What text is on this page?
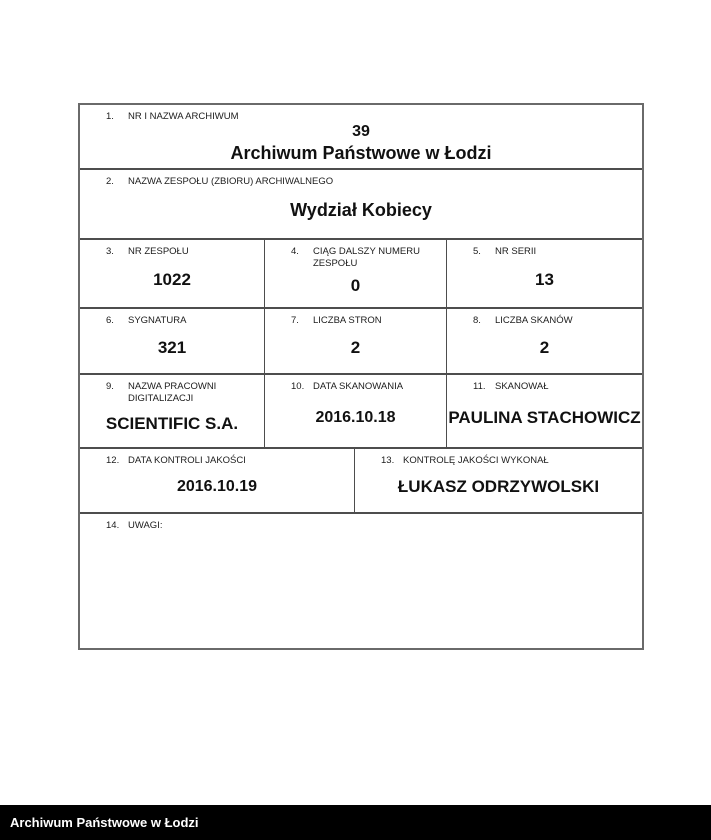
1.	NR I NAZWA ARCHIWUM
39
Archiwum Państwowe w Łodzi
2.	NAZWA ZESPOŁU (ZBIORU) ARCHIWALNEGO
Wydział Kobiecy
3.	NR ZESPOŁU
1022
4.	CIĄG DALSZY NUMERU ZESPOŁU
0
5.	NR SERII
13
6.	SYGNATURA
321
7.	LICZBA STRON
2
8.	LICZBA SKANÓW
2
9.	NAZWA PRACOWNI DIGITALIZACJI
SCIENTIFIC S.A.
10. DATA SKANOWANIA
2016.10.18
11. SKANOWAŁ
PAULINA STACHOWICZ
12. DATA KONTROLI JAKOŚCI
2016.10.19
13. KONTROLĘ JAKOŚCI WYKONAŁ
ŁUKASZ ODRZYWOLSKI
14. UWAGI:
Archiwum Państwowe w Łodzi
